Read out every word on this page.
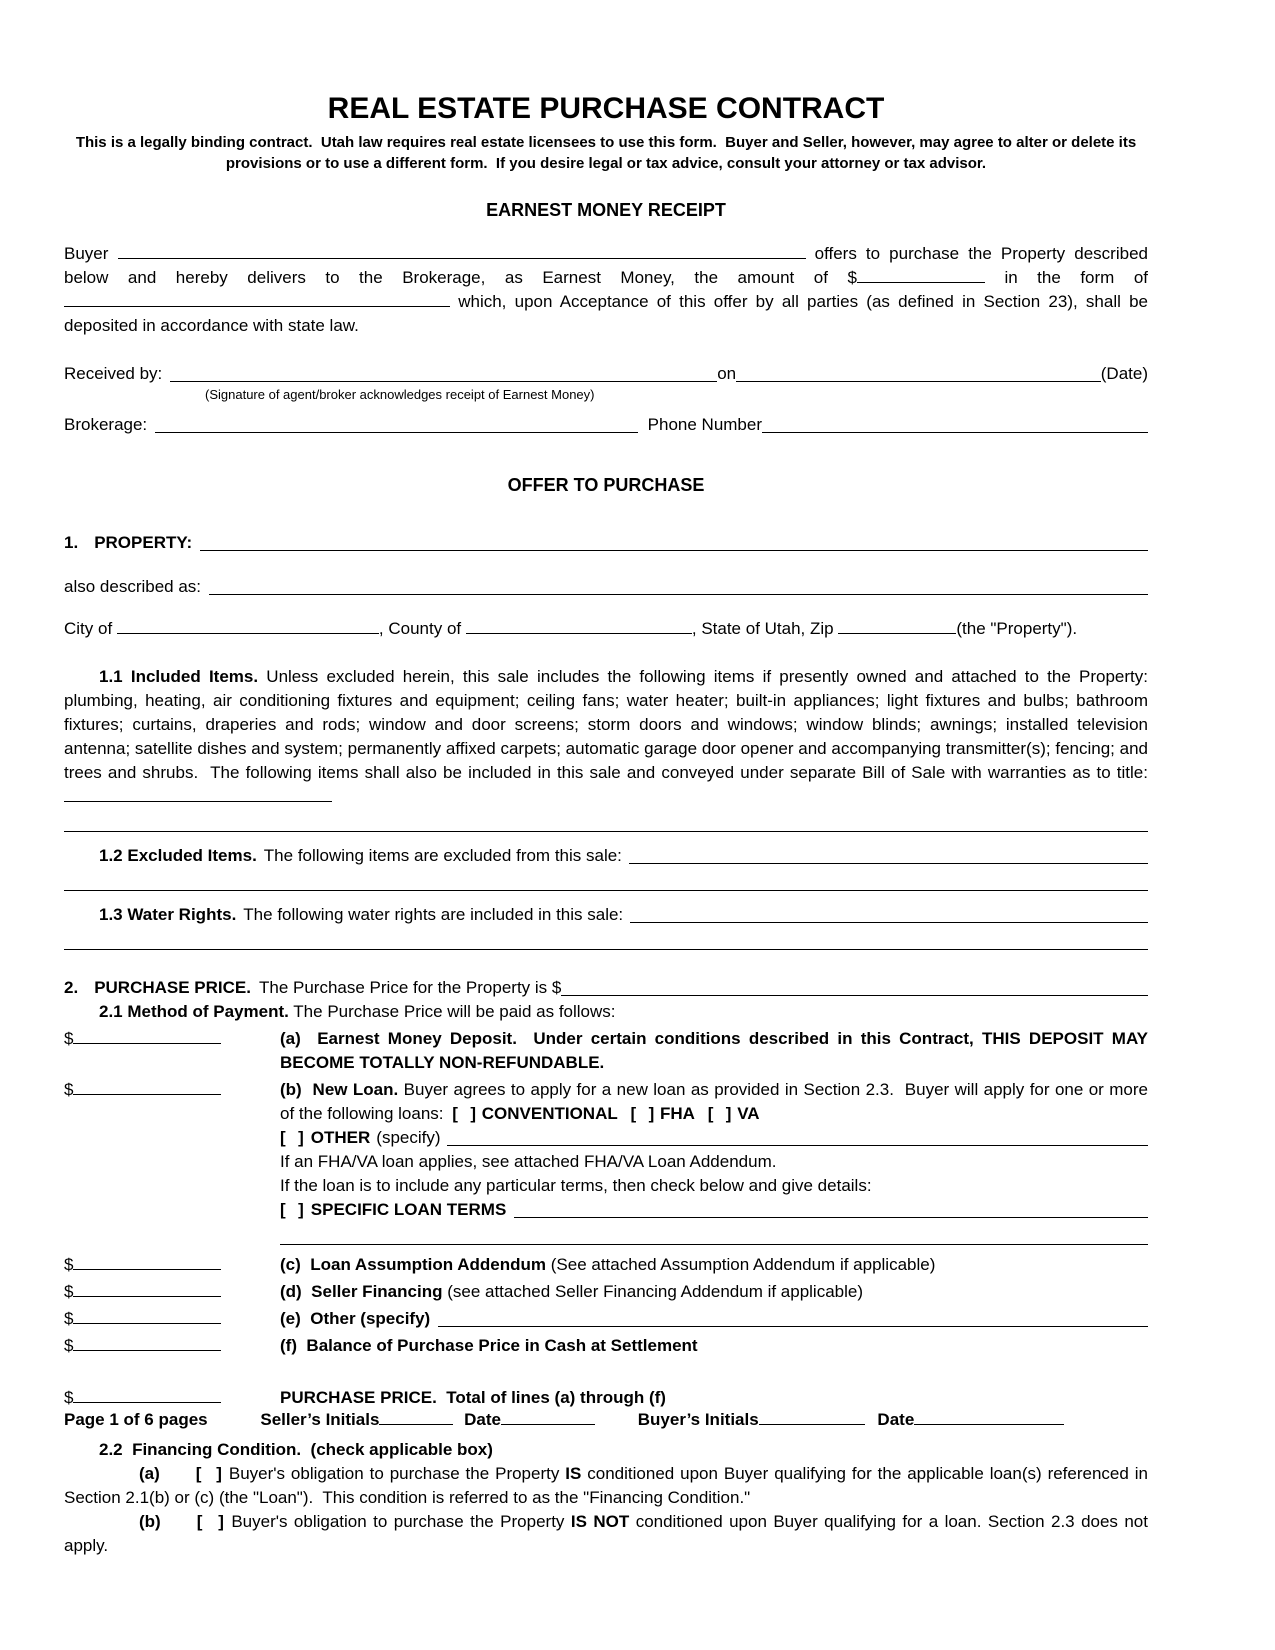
REAL ESTATE PURCHASE CONTRACT
This is a legally binding contract.  Utah law requires real estate licensees to use this form.  Buyer and Seller, however, may agree to alter or delete its provisions or to use a different form.  If you desire legal or tax advice, consult your attorney or tax advisor.
EARNEST MONEY RECEIPT

Buyer	offers to purchase the Property described below and hereby delivers to the Brokerage, as Earnest Money, the amount of $	in the form of  which, upon Acceptance of this offer by all parties (as defined in Section 23), shall be deposited in accordance with state law.

Received by:	on	(Date)
(Signature of agent/broker acknowledges receipt of Earnest Money)
Brokerage:	Phone Number
OFFER TO PURCHASE
1. PROPERTY:
also described as:

City of	, County of	, State of Utah, Zip	(the "Property").

1.1 Included Items. Unless excluded herein, this sale includes the following items if presently owned and attached to the Property: plumbing, heating, air conditioning fixtures and equipment; ceiling fans; water heater; built-in appliances; light fixtures and bulbs; bathroom fixtures; curtains, draperies and rods; window and door screens; storm doors and windows; window blinds; awnings; installed television antenna; satellite dishes and system; permanently affixed carpets; automatic garage door opener and accompanying transmitter(s); fencing; and trees and shrubs.  The following items shall also be included in this sale and conveyed under separate Bill of Sale with warranties as to title:

1.2 Excluded Items. The following items are excluded from this sale:
1.3 Water Rights. The following water rights are included in this sale:
2. PURCHASE PRICE. The Purchase Price for the Property is $

2.1 Method of Payment. The Purchase Price will be paid as follows:

$	(a)  Earnest Money Deposit.  Under certain conditions described in this Contract, THIS DEPOSIT MAY BECOME TOTALLY NON-REFUNDABLE.
$	(b)  New Loan. Buyer agrees to apply for a new loan as provided in Section 2.3.  Buyer will apply for one or more of the following loans: [  ] CONVENTIONAL [  ] FHA [  ] VA
[  ] OTHER (specify)
If an FHA/VA loan applies, see attached FHA/VA Loan Addendum.
If the loan is to include any particular terms, then check below and give details:
[  ] SPECIFIC LOAN TERMS
$	(c)  Loan Assumption Addendum (See attached Assumption Addendum if applicable)
$	(d)  Seller Financing (see attached Seller Financing Addendum if applicable)
$	(e)  Other (specify)
$	(f)  Balance of Purchase Price in Cash at Settlement
$	PURCHASE PRICE.  Total of lines (a) through (f)

2.2  Financing Condition.  (check applicable box)

(a) [  ] Buyer's obligation to purchase the Property IS conditioned upon Buyer qualifying for the applicable loan(s) referenced in Section 2.1(b) or (c) (the "Loan").  This condition is referred to as the "Financing Condition."

(b) [  ] Buyer's obligation to purchase the Property IS NOT conditioned upon Buyer qualifying for a loan. Section 2.3 does not apply.

Page 1 of 6 pages	Seller’s Initials	Date	Buyer’s Initials	Date
